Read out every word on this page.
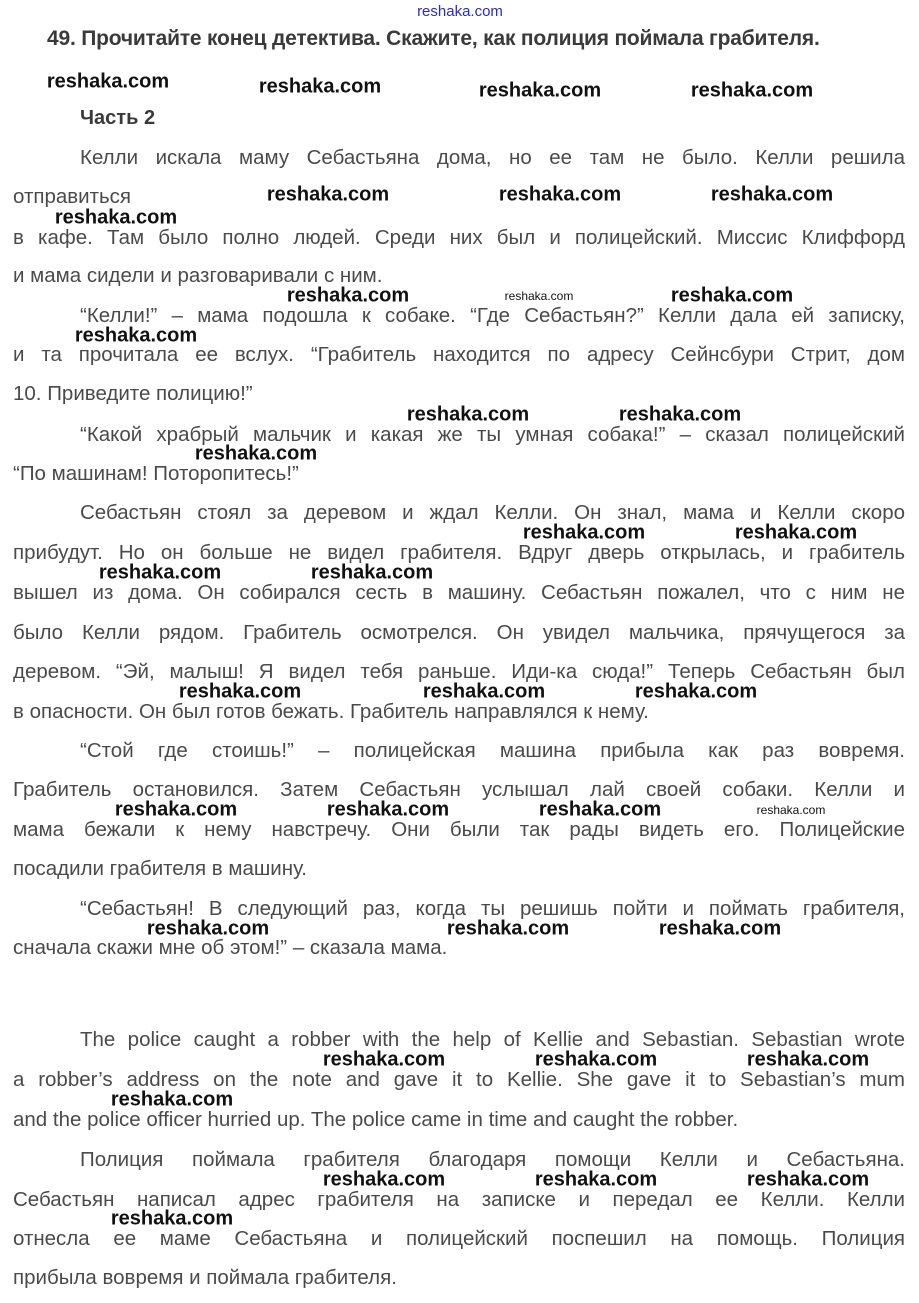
49. Прочитайте конец детектива. Скажите, как полиция поймала грабителя.
Часть 2
Келли искала маму Себастьяна дома, но ее там не было. Келли решила
отправиться
в кафе. Там было полно людей. Среди них был и полицейский. Миссис Клиффорд
и мама сидели и разговаривали с ним.
“Келли!” – мама подошла к собаке. “Где Себастьян?” Келли дала ей записку,
и та прочитала ее вслух. “Грабитель находится по адресу Сейнсбури Стрит, дом
10. Приведите полицию!”
“Какой храбрый мальчик и какая же ты умная собака!” – сказал полицейский
“По машинам! Поторопитесь!”
Себастьян стоял за деревом и ждал Келли. Он знал, мама и Келли скоро
прибудут. Но он больше не видел грабителя. Вдруг дверь открылась, и грабитель
вышел из дома. Он собирался сесть в машину. Себастьян пожалел, что с ним не
было Келли рядом. Грабитель осмотрелся. Он увидел мальчика, прячущегося за
деревом. “Эй, малыш! Я видел тебя раньше. Иди-ка сюда!” Теперь Себастьян был
в опасности. Он был готов бежать. Грабитель направлялся к нему.
“Стой где стоишь!” – полицейская машина прибыла как раз вовремя.
Грабитель остановился. Затем Себастьян услышал лай своей собаки. Келли и
мама бежали к нему навстречу. Они были так рады видеть его. Полицейские
посадили грабителя в машину.
“Себастьян! В следующий раз, когда ты решишь пойти и поймать грабителя,
сначала скажи мне об этом!” – сказала мама.
The police caught a robber with the help of Kellie and Sebastian. Sebastian wrote
a robber’s address on the note and gave it to Kellie. She gave it to Sebastian’s mum
and the police officer hurried up. The police came in time and caught the robber.
Полиция поймала грабителя благодаря помощи Келли и Себастьяна.
Себастьян написал адрес грабителя на записке и передал ее Келли. Келли
отнесла ее маме Себастьяна и полицейский поспешил на помощь. Полиция
прибыла вовремя и поймала грабителя.
reshaka.com
reshaka.com	reshaka.com	reshaka.com	reshaka.com
reshaka.com
reshaka.com	reshaka.com	reshaka.com
reshaka.com	reshaka.com	reshaka.com
reshaka.com
reshaka.com	reshaka.com
reshaka.com
reshaka.com	reshaka.com
reshaka.com	reshaka.com
reshaka.com	reshaka.com	reshaka.com
reshaka.com	reshaka.com	reshaka.com	reshaka.com
reshaka.com	reshaka.com	reshaka.com
reshaka.com	reshaka.com	reshaka.com
reshaka.com
reshaka.com	reshaka.com	reshaka.com
reshaka.com
